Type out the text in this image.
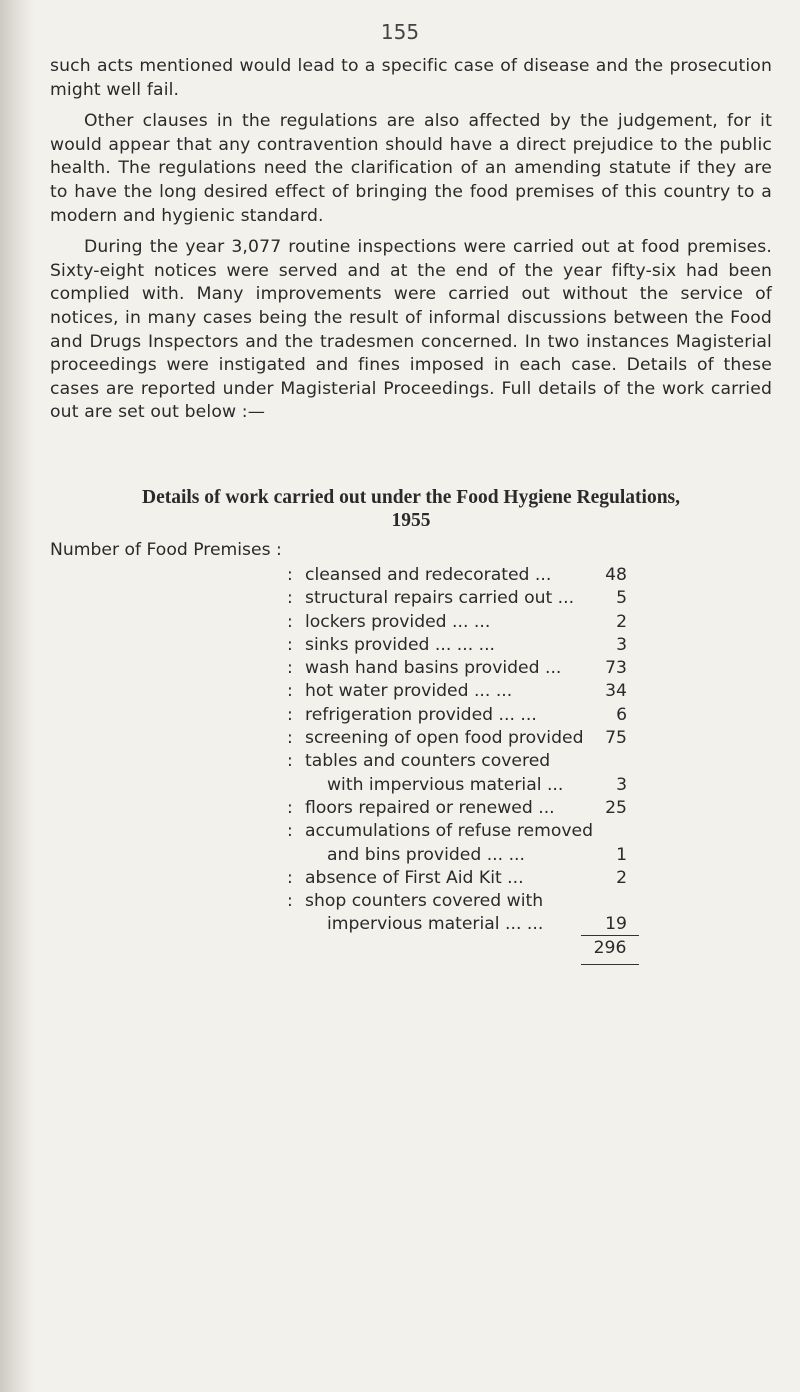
155

such acts mentioned would lead to a specific case of disease and the prosecution might well fail.

Other clauses in the regulations are also affected by the judgement, for it would appear that any contravention should have a direct prejudice to the public health. The regulations need the clarification of an amending statute if they are to have the long desired effect of bringing the food premises of this country to a modern and hygienic standard.

During the year 3,077 routine inspections were carried out at food premises. Sixty-eight notices were served and at the end of the year fifty-six had been complied with. Many improvements were carried out without the service of notices, in many cases being the result of informal discussions between the Food and Drugs Inspectors and the tradesmen concerned. In two instances Magisterial proceedings were instigated and fines imposed in each case. Details of these cases are reported under Magisterial Proceedings. Full details of the work carried out are set out below :—

Details of work carried out under the Food Hygiene Regulations,
1955
Number of Food Premises :
: cleansed and redecorated ...	48
: structural repairs carried out ...	5
: lockers provided ... ...	2
: sinks provided ... ... ...	3
: wash hand basins provided ...	73
: hot water provided ... ...	34
: refrigeration provided ... ...	6
: screening of open food provided	75
: tables and counters covered
with impervious material ...	3
: floors repaired or renewed ...	25
: accumulations of refuse removed
and bins provided ... ...	1
: absence of First Aid Kit ...	2
: shop counters covered with
impervious material ... ...	19
296
